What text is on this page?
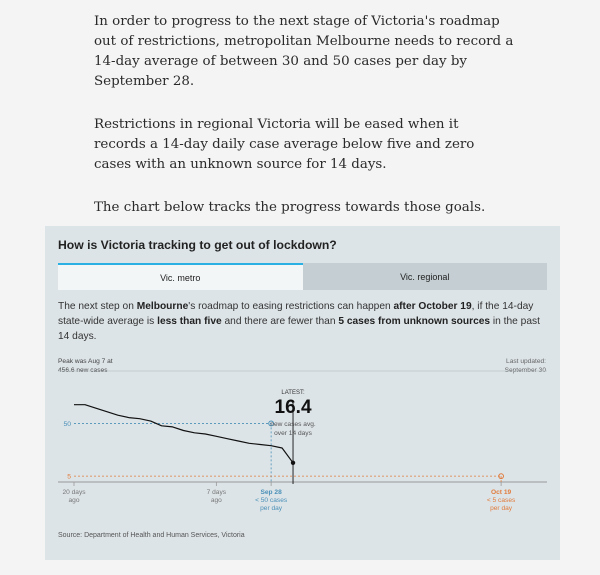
In order to progress to the next stage of Victoria's roadmap out of restrictions, metropolitan Melbourne needs to record a 14-day average of between 30 and 50 cases per day by September 28.

Restrictions in regional Victoria will be eased when it records a 14-day daily case average below five and zero cases with an unknown source for 14 days.

The chart below tracks the progress towards those goals.

How is Victoria tracking to get out of lockdown?
Vic. metro	Vic. regional
The next step on Melbourne's roadmap to easing restrictions can happen after October 19, if the 14-day state-wide average is less than five and there are fewer than 5 cases from unknown sources in the past 14 days.
Peak was Aug 7 at
456.6 new cases
Last updated:
September 30
50
5
20 days
ago
7 days
ago
Sep 28
< 50 cases
per day
Oct 19
< 5 cases
per day
LATEST:
16.4
new cases avg.
over 14 days
Source: Department of Health and Human Services, Victoria
